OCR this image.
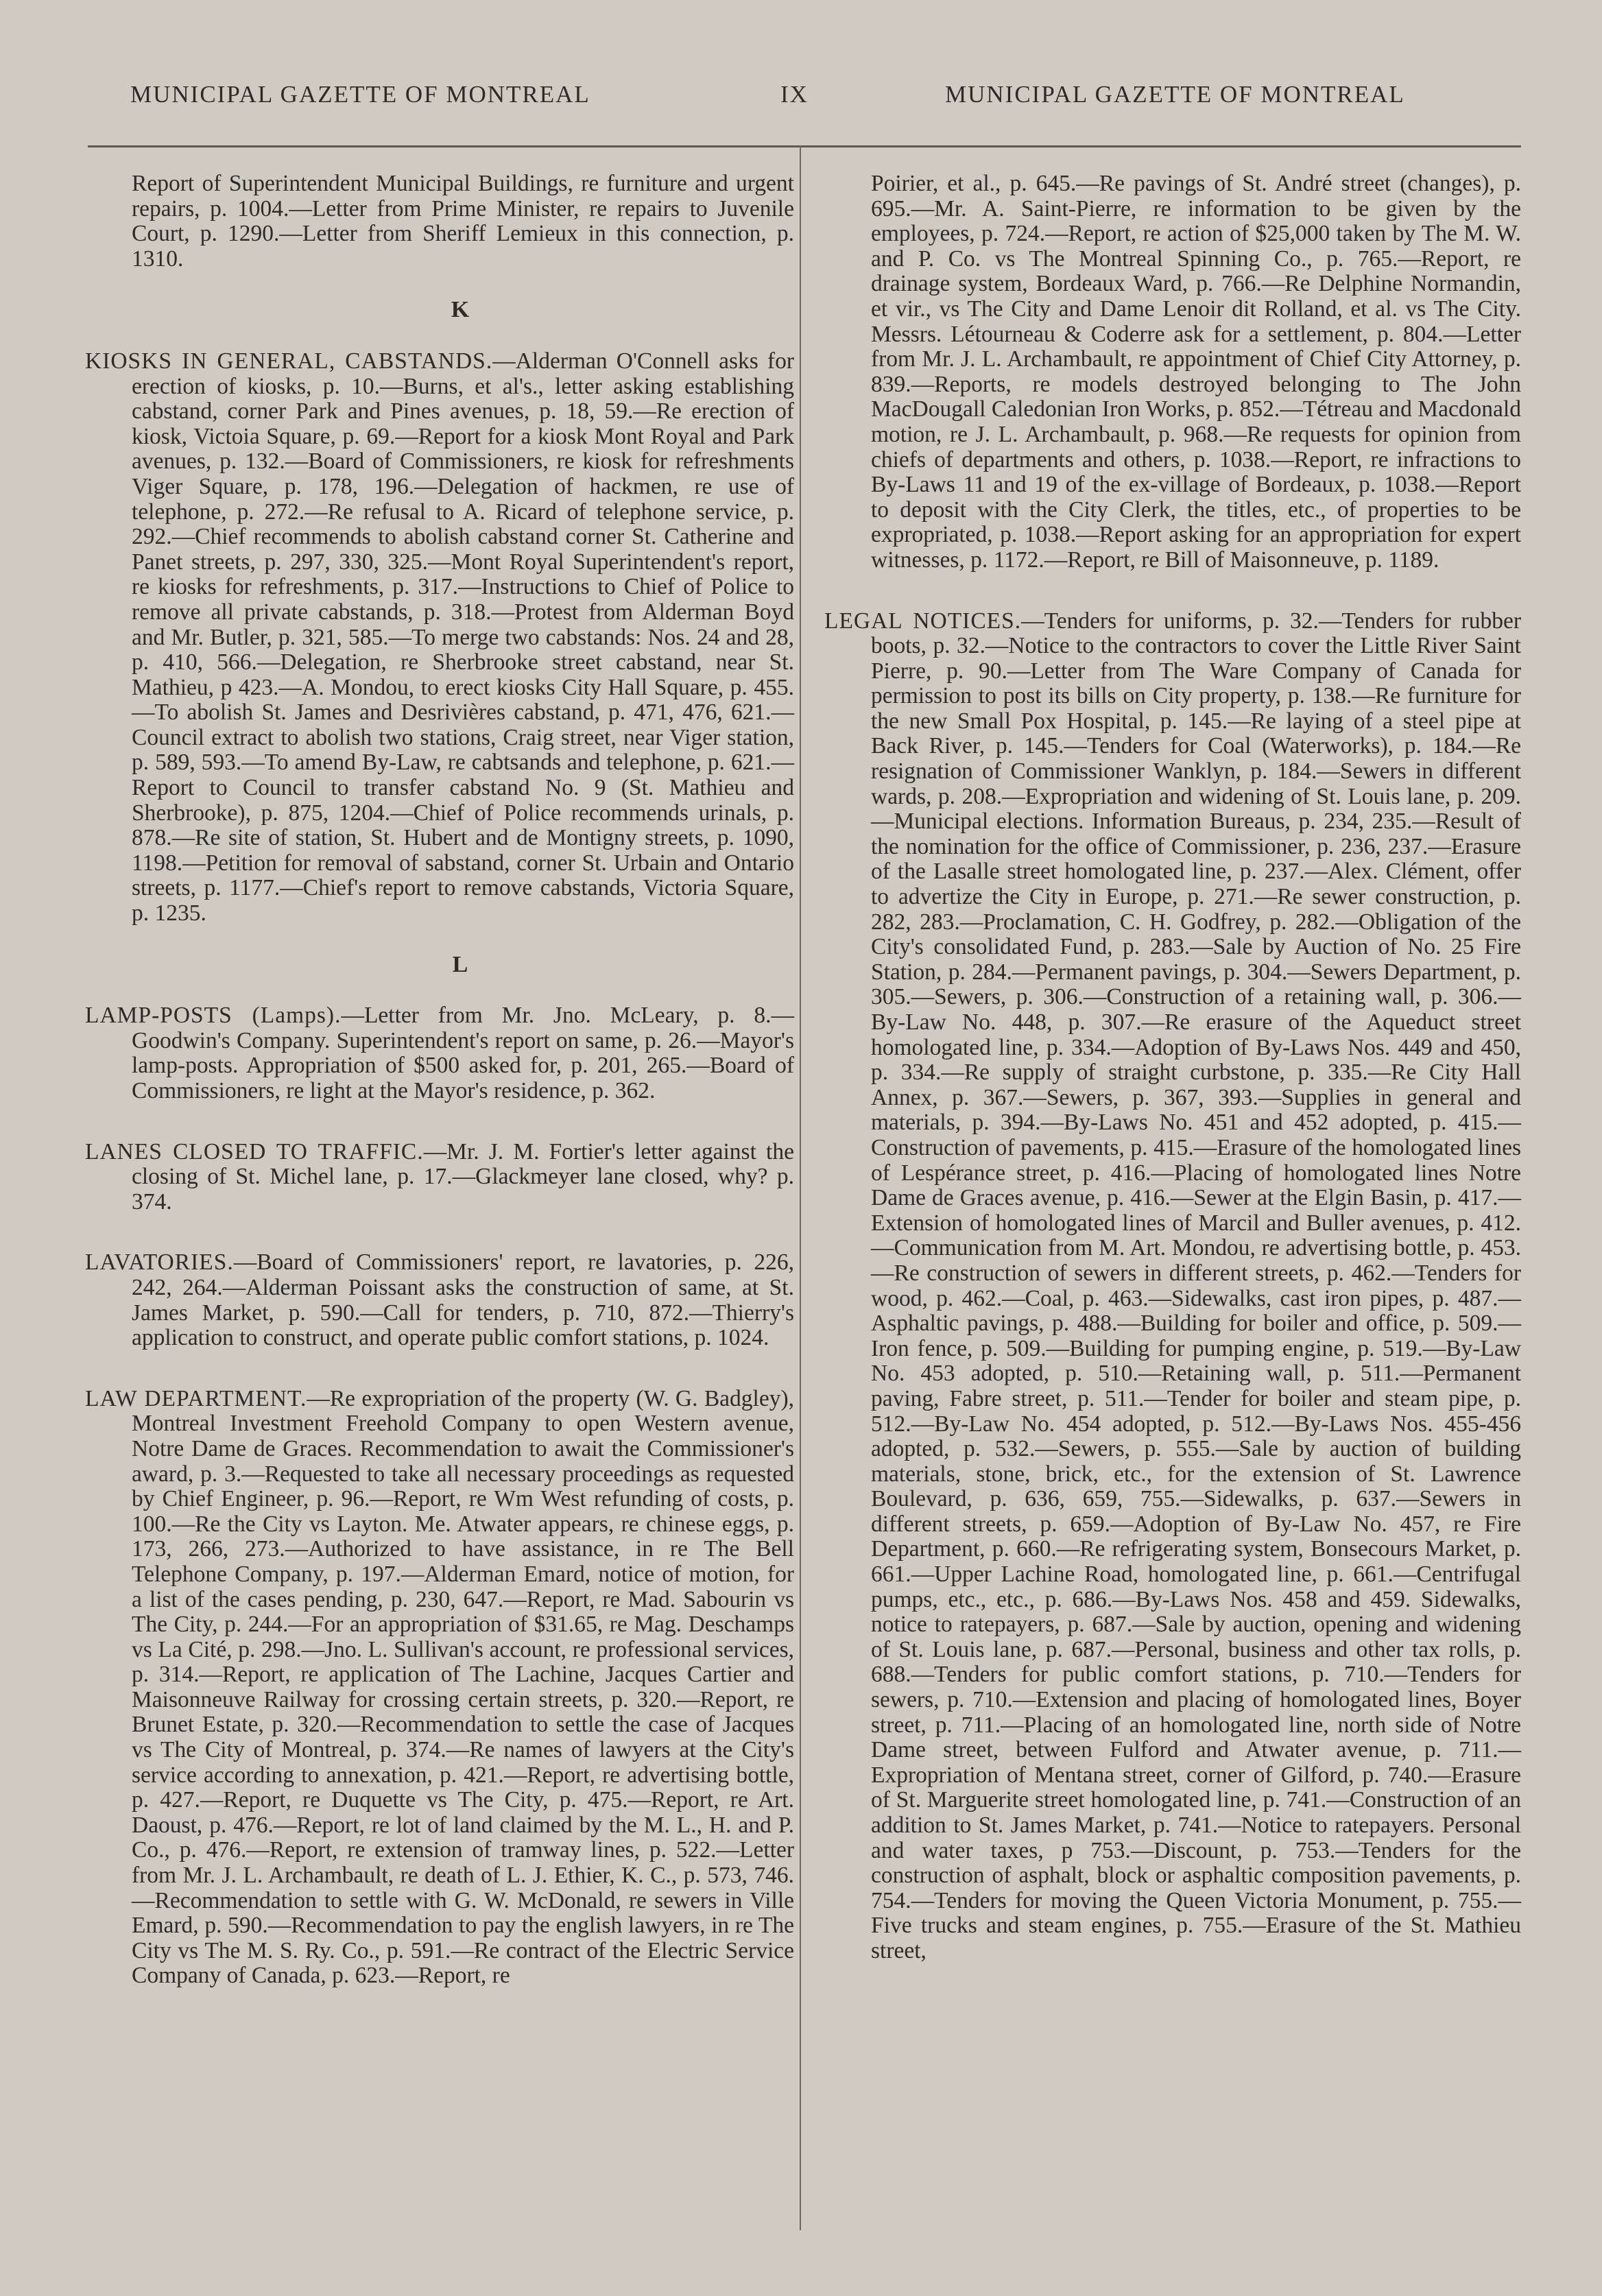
MUNICIPAL GAZETTE OF MONTREAL	IX	MUNICIPAL GAZETTE OF MONTREAL

Report of Superintendent Municipal Buildings, re furniture and urgent repairs, p. 1004.—Letter from Prime Minister, re repairs to Juvenile Court, p. 1290.—Letter from Sheriff Lemieux in this connection, p. 1310.

K

KIOSKS IN GENERAL, CABSTANDS.—Alderman O'Connell asks for erection of kiosks, p. 10.—Burns, et al's., letter asking establishing cabstand, corner Park and Pines avenues, p. 18, 59.—Re erection of kiosk, Victoia Square, p. 69.—Report for a kiosk Mont Royal and Park avenues, p. 132.—Board of Commissioners, re kiosk for refreshments Viger Square, p. 178, 196.—Delegation of hackmen, re use of telephone, p. 272.—Re refusal to A. Ricard of telephone service, p. 292.—Chief recommends to abolish cabstand corner St. Catherine and Panet streets, p. 297, 330, 325.—Mont Royal Superintendent's report, re kiosks for refreshments, p. 317.—Instructions to Chief of Police to remove all private cabstands, p. 318.—Protest from Alderman Boyd and Mr. Butler, p. 321, 585.—To merge two cabstands: Nos. 24 and 28, p. 410, 566.—Delegation, re Sherbrooke street cabstand, near St. Mathieu, p 423.—A. Mondou, to erect kiosks City Hall Square, p. 455.—To abolish St. James and Desrivières cabstand, p. 471, 476, 621.—Council extract to abolish two stations, Craig street, near Viger station, p. 589, 593.—To amend By-Law, re cabtsands and telephone, p. 621.—Report to Council to transfer cabstand No. 9 (St. Mathieu and Sherbrooke), p. 875, 1204.—Chief of Police recommends urinals, p. 878.—Re site of station, St. Hubert and de Montigny streets, p. 1090, 1198.—Petition for removal of sabstand, corner St. Urbain and Ontario streets, p. 1177.—Chief's report to remove cabstands, Victoria Square, p. 1235.

L

LAMP-POSTS (Lamps).—Letter from Mr. Jno. McLeary, p. 8.—Goodwin's Company. Superintendent's report on same, p. 26.—Mayor's lamp-posts. Appropriation of $500 asked for, p. 201, 265.—Board of Commissioners, re light at the Mayor's residence, p. 362.

LANES CLOSED TO TRAFFIC.—Mr. J. M. Fortier's letter against the closing of St. Michel lane, p. 17.—Glackmeyer lane closed, why? p. 374.

LAVATORIES.—Board of Commissioners' report, re lavatories, p. 226, 242, 264.—Alderman Poissant asks the construction of same, at St. James Market, p. 590.—Call for tenders, p. 710, 872.—Thierry's application to construct, and operate public comfort stations, p. 1024.

LAW DEPARTMENT.—Re expropriation of the property (W. G. Badgley), Montreal Investment Freehold Company to open Western avenue, Notre Dame de Graces. Recommendation to await the Commissioner's award, p. 3.—Requested to take all necessary proceedings as requested by Chief Engineer, p. 96.—Report, re Wm West refunding of costs, p. 100.—Re the City vs Layton. Me. Atwater appears, re chinese eggs, p. 173, 266, 273.—Authorized to have assistance, in re The Bell Telephone Company, p. 197.—Alderman Emard, notice of motion, for a list of the cases pending, p. 230, 647.—Report, re Mad. Sabourin vs The City, p. 244.—For an appropriation of $31.65, re Mag. Deschamps vs La Cité, p. 298.—Jno. L. Sullivan's account, re professional services, p. 314.—Report, re application of The Lachine, Jacques Cartier and Maisonneuve Railway for crossing certain streets, p. 320.—Report, re Brunet Estate, p. 320.—Recommendation to settle the case of Jacques vs The City of Montreal, p. 374.—Re names of lawyers at the City's service according to annexation, p. 421.—Report, re advertising bottle, p. 427.—Report, re Duquette vs The City, p. 475.—Report, re Art. Daoust, p. 476.—Report, re lot of land claimed by the M. L., H. and P. Co., p. 476.—Report, re extension of tramway lines, p. 522.—Letter from Mr. J. L. Archambault, re death of L. J. Ethier, K. C., p. 573, 746.—Recommendation to settle with G. W. McDonald, re sewers in Ville Emard, p. 590.—Recommendation to pay the english lawyers, in re The City vs The M. S. Ry. Co., p. 591.—Re contract of the Electric Service Company of Canada, p. 623.—Report, re

Poirier, et al., p. 645.—Re pavings of St. André street (changes), p. 695.—Mr. A. Saint-Pierre, re information to be given by the employees, p. 724.—Report, re action of $25,000 taken by The M. W. and P. Co. vs The Montreal Spinning Co., p. 765.—Report, re drainage system, Bordeaux Ward, p. 766.—Re Delphine Normandin, et vir., vs The City and Dame Lenoir dit Rolland, et al. vs The City. Messrs. Létourneau & Coderre ask for a settlement, p. 804.—Letter from Mr. J. L. Archambault, re appointment of Chief City Attorney, p. 839.—Reports, re models destroyed belonging to The John MacDougall Caledonian Iron Works, p. 852.—Tétreau and Macdonald motion, re J. L. Archambault, p. 968.—Re requests for opinion from chiefs of departments and others, p. 1038.—Report, re infractions to By-Laws 11 and 19 of the ex-village of Bordeaux, p. 1038.—Report to deposit with the City Clerk, the titles, etc., of properties to be expropriated, p. 1038.—Report asking for an appropriation for expert witnesses, p. 1172.—Report, re Bill of Maisonneuve, p. 1189.

LEGAL NOTICES.—Tenders for uniforms, p. 32.—Tenders for rubber boots, p. 32.—Notice to the contractors to cover the Little River Saint Pierre, p. 90.—Letter from The Ware Company of Canada for permission to post its bills on City property, p. 138.—Re furniture for the new Small Pox Hospital, p. 145.—Re laying of a steel pipe at Back River, p. 145.—Tenders for Coal (Waterworks), p. 184.—Re resignation of Commissioner Wanklyn, p. 184.—Sewers in different wards, p. 208.—Expropriation and widening of St. Louis lane, p. 209.—Municipal elections. Information Bureaus, p. 234, 235.—Result of the nomination for the office of Commissioner, p. 236, 237.—Erasure of the Lasalle street homologated line, p. 237.—Alex. Clément, offer to advertize the City in Europe, p. 271.—Re sewer construction, p. 282, 283.—Proclamation, C. H. Godfrey, p. 282.—Obligation of the City's consolidated Fund, p. 283.—Sale by Auction of No. 25 Fire Station, p. 284.—Permanent pavings, p. 304.—Sewers Department, p. 305.—Sewers, p. 306.—Construction of a retaining wall, p. 306.—By-Law No. 448, p. 307.—Re erasure of the Aqueduct street homologated line, p. 334.—Adoption of By-Laws Nos. 449 and 450, p. 334.—Re supply of straight curbstone, p. 335.—Re City Hall Annex, p. 367.—Sewers, p. 367, 393.—Supplies in general and materials, p. 394.—By-Laws No. 451 and 452 adopted, p. 415.—Construction of pavements, p. 415.—Erasure of the homologated lines of Lespérance street, p. 416.—Placing of homologated lines Notre Dame de Graces avenue, p. 416.—Sewer at the Elgin Basin, p. 417.—Extension of homologated lines of Marcil and Buller avenues, p. 412.—Communication from M. Art. Mondou, re advertising bottle, p. 453.—Re construction of sewers in different streets, p. 462.—Tenders for wood, p. 462.—Coal, p. 463.—Sidewalks, cast iron pipes, p. 487.—Asphaltic pavings, p. 488.—Building for boiler and office, p. 509.—Iron fence, p. 509.—Building for pumping engine, p. 519.—By-Law No. 453 adopted, p. 510.—Retaining wall, p. 511.—Permanent paving, Fabre street, p. 511.—Tender for boiler and steam pipe, p. 512.—By-Law No. 454 adopted, p. 512.—By-Laws Nos. 455-456 adopted, p. 532.—Sewers, p. 555.—Sale by auction of building materials, stone, brick, etc., for the extension of St. Lawrence Boulevard, p. 636, 659, 755.—Sidewalks, p. 637.—Sewers in different streets, p. 659.—Adoption of By-Law No. 457, re Fire Department, p. 660.—Re refrigerating system, Bonsecours Market, p. 661.—Upper Lachine Road, homologated line, p. 661.—Centrifugal pumps, etc., etc., p. 686.—By-Laws Nos. 458 and 459. Sidewalks, notice to ratepayers, p. 687.—Sale by auction, opening and widening of St. Louis lane, p. 687.—Personal, business and other tax rolls, p. 688.—Tenders for public comfort stations, p. 710.—Tenders for sewers, p. 710.—Extension and placing of homologated lines, Boyer street, p. 711.—Placing of an homologated line, north side of Notre Dame street, between Fulford and Atwater avenue, p. 711.—Expropriation of Mentana street, corner of Gilford, p. 740.—Erasure of St. Marguerite street homologated line, p. 741.—Construction of an addition to St. James Market, p. 741.—Notice to ratepayers. Personal and water taxes, p 753.—Discount, p. 753.—Tenders for the construction of asphalt, block or asphaltic composition pavements, p. 754.—Tenders for moving the Queen Victoria Monument, p. 755.—Five trucks and steam engines, p. 755.—Erasure of the St. Mathieu street,
